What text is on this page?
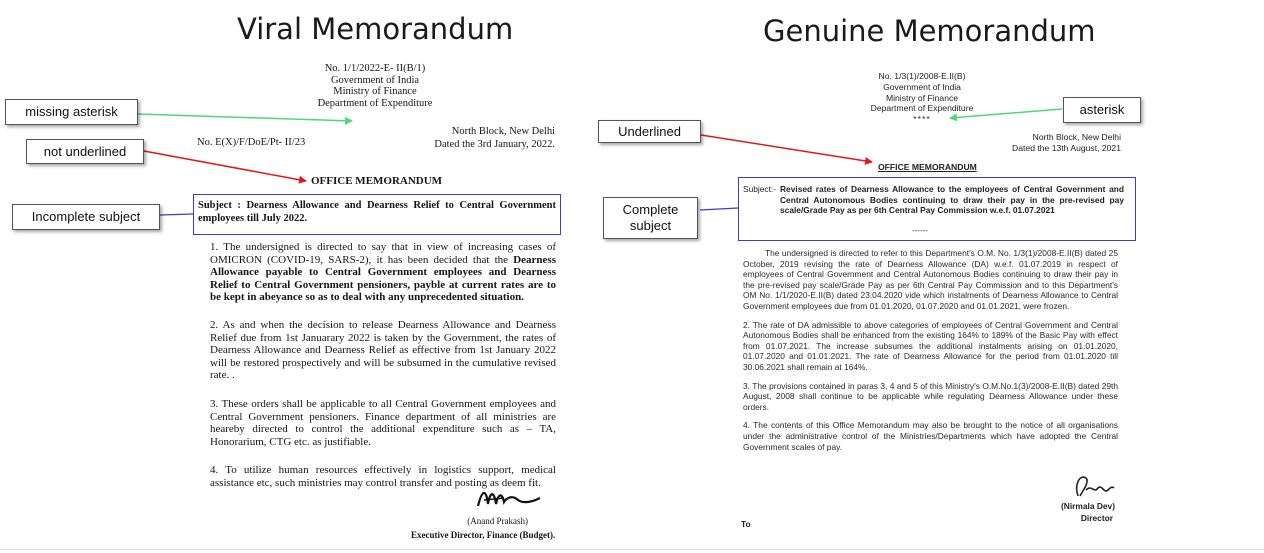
Viral Memorandum	Genuine Memorandum
No. 1/1/2022-E- II(B/1)
Government of India
Ministry of Finance
Department of Expenditure
No. E(X)/F/DoE/Pt- II/23
North Block, New Delhi
Dated the 3rd January, 2022.
OFFICE MEMORANDUM
Subject : Dearness Allowance and Dearness Relief to Central Government employees till July 2022.

1. The undersigned is directed to say that in view of increasing cases of OMICRON (COVID-19, SARS-2), it has been decided that the Dearness Allowance payable to Central Government employees and Dearness Relief to Central Government pensioners, payble at current rates are to be kept in abeyance so as to deal with any unprecedented situation.

2. As and when the decision to release Dearness Allowance and Dearness Relief due from 1st Januarary 2022 is taken by the Government, the rates of Dearness Allowance and Dearness Relief as effective from 1st January 2022 will be restored prospectively and will be subsumed in the cumulative revised rate. .

3. These orders shall be applicable to all Central Government employees and Central Government pensioners. Finance department of all ministries are heareby directed to control the additional expenditure such as – TA, Honorarium, CTG etc. as justifiable.

4. To utilize human resources effectively in logistics support, medical assistance etc, such ministries may control transfer and posting as deem fit.

(Anand Prakash)
Executive Director, Finance (Budget).
No. 1/3(1)/2008-E.II(B)
Government of India
Ministry of Finance
Department of Expenditure
****
North Block, New Delhi
Dated the 13th August, 2021
OFFICE MEMORANDUM
Subject:- Revised rates of Dearness Allowance to the employees of Central Government and Central Autonomous Bodies continuing to draw their pay in the pre-revised pay scale/Grade Pay as per 6th Central Pay Commission w.e.f. 01.07.2021
------

The undersigned is directed to refer to this Department's O.M. No. 1/3(1)/2008-E.II(B) dated 25 October, 2019 revising the rate of Dearness Allowance (DA) w.e.f. 01.07.2019 in respect of employees of Central Government and Central Autonomous Bodies continuing to draw their pay in the pre-revised pay scale/Grade Pay as per 6th Central Pay Commission and to this Department's OM No. 1/1/2020-E.II(B) dated 23.04.2020 vide which instalments of Dearness Allowance to Central Government employees due from 01.01.2020, 01.07.2020 and 01.01.2021, were frozen.

2. The rate of DA admissible to above categories of employees of Central Government and Central Autonomous Bodies shall be enhanced from the existing 164% to 189% of the Basic Pay with effect from 01.07.2021. The increase subsumes the additional instalments arising on 01.01.2020, 01.07.2020 and 01.01.2021. The rate of Dearness Allowance for the period from 01.01.2020 till 30.06.2021 shall remain at 164%.

3. The provisions contained in paras 3, 4 and 5 of this Ministry's O.M.No.1(3)/2008-E.II(B) dated 29th August, 2008 shall continue to be applicable while regulating Dearness Allowance under these orders.

4. The contents of this Office Memorandum may also be brought to the notice of all organisations under the administrative control of the Ministries/Departments which have adopted the Central Government scales of pay.

(Nirmala Dev)
Director
To
missing asterisk
not underlined
Incomplete subject
Underlined
asterisk
Complete subject
